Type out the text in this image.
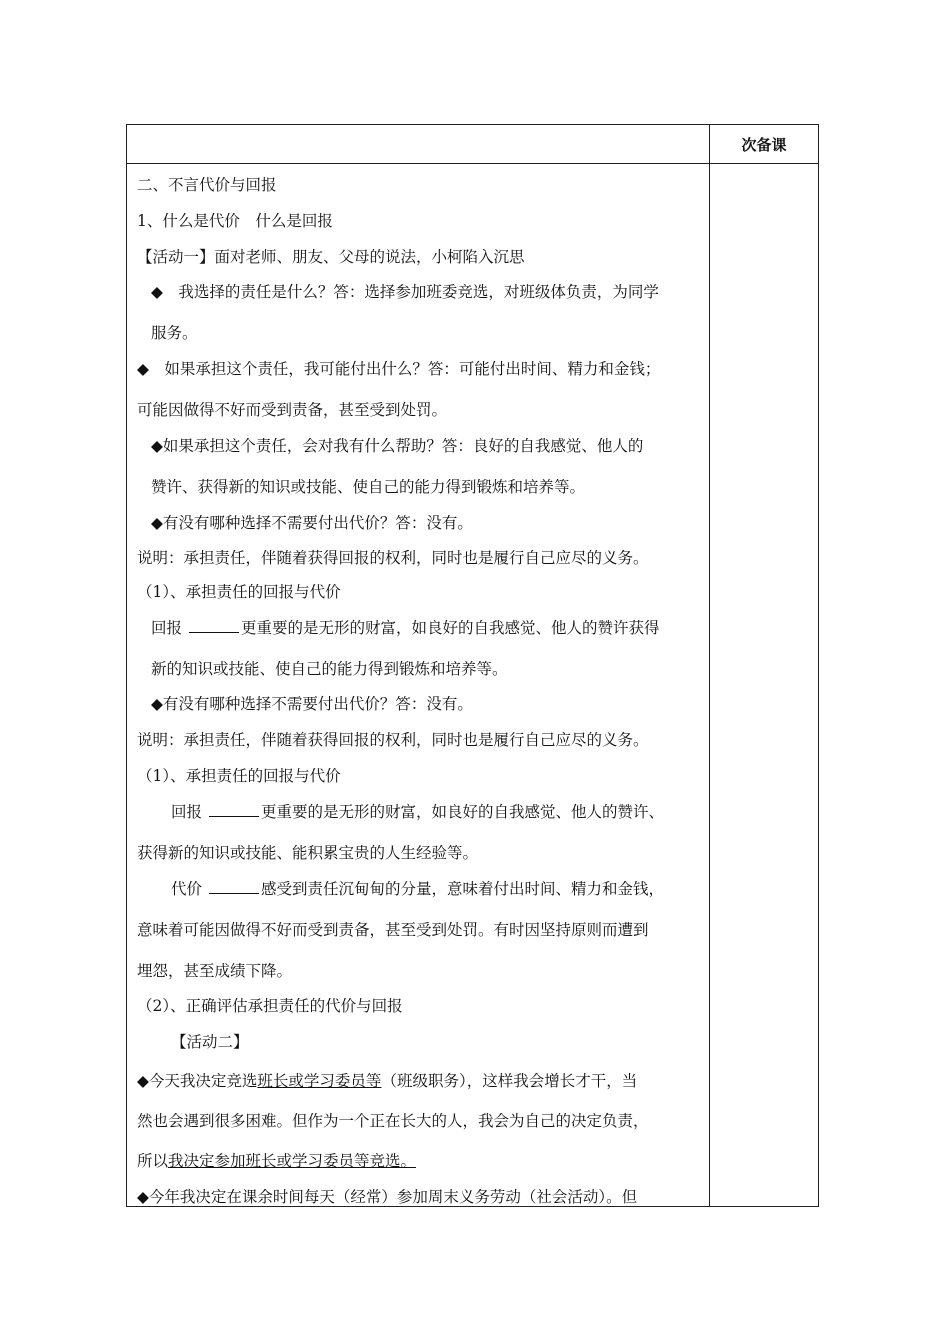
次备课
二、不言代价与回报
1、什么是代价　什么是回报
【活动一】面对老师、朋友、父母的说法，小柯陷入沉思
◆　我选择的责任是什么？答：选择参加班委竞选，对班级体负责，为同学
服务。
◆　如果承担这个责任，我可能付出什么？答：可能付出时间、精力和金钱；
可能因做得不好而受到责备，甚至受到处罚。
◆如果承担这个责任，会对我有什么帮助？答：良好的自我感觉、他人的
赞许、获得新的知识或技能、使自己的能力得到锻炼和培养等。
◆有没有哪种选择不需要付出代价？答：没有。
说明：承担责任，伴随着获得回报的权利，同时也是履行自己应尽的义务。
（1）、承担责任的回报与代价
回报	更重要的是无形的财富，如良好的自我感觉、他人的赞许获得
新的知识或技能、使自己的能力得到锻炼和培养等。
◆有没有哪种选择不需要付出代价？答：没有。
说明：承担责任，伴随着获得回报的权利，同时也是履行自己应尽的义务。
（1）、承担责任的回报与代价
回报	更重要的是无形的财富，如良好的自我感觉、他人的赞许、
获得新的知识或技能、能积累宝贵的人生经验等。
代价	感受到责任沉甸甸的分量，意味着付出时间、精力和金钱，
意味着可能因做得不好而受到责备，甚至受到处罚。有时因坚持原则而遭到
埋怨，甚至成绩下降。
（2）、正确评估承担责任的代价与回报
【活动二】
◆今天我决定竞选班长或学习委员等（班级职务），这样我会增长才干，当
然也会遇到很多困难。但作为一个正在长大的人，我会为自己的决定负责，
所以我决定参加班长或学习委员等竞选。
◆今年我决定在课余时间每天（经常）参加周末义务劳动（社会活动）。但
